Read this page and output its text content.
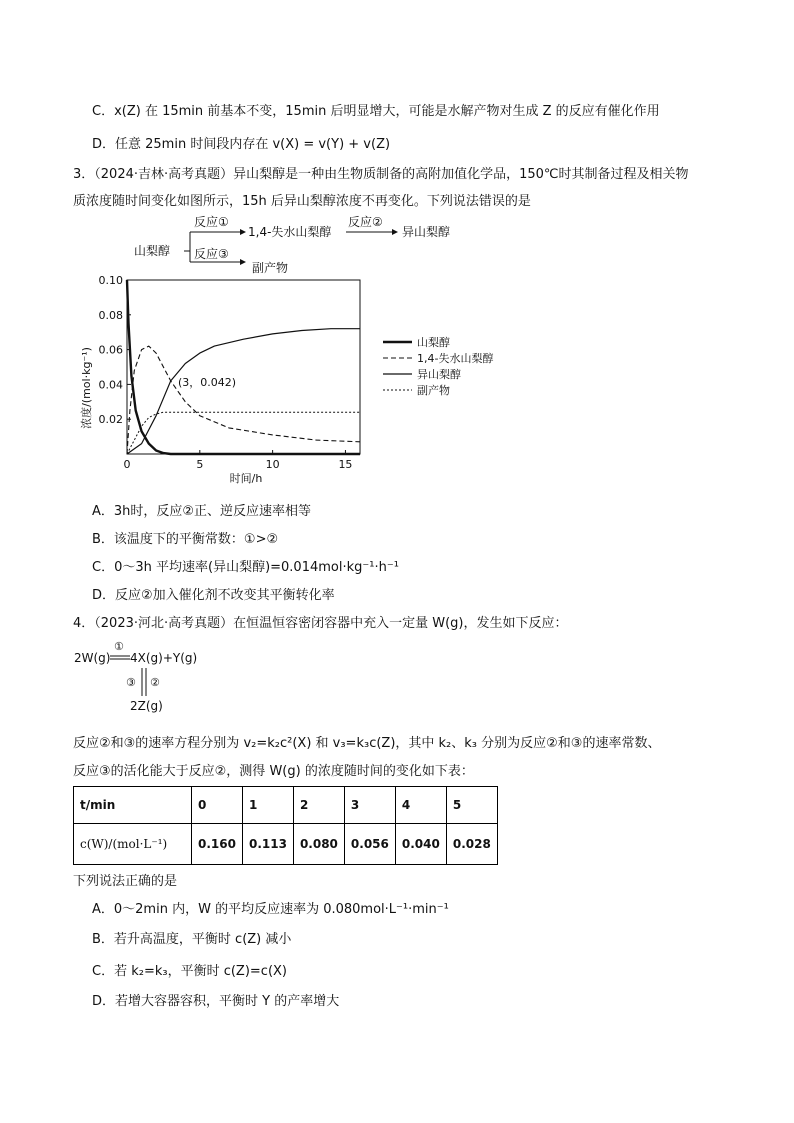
C．x(Z) 在 15min 前基本不变，15min 后明显增大，可能是水解产物对生成 Z 的反应有催化作用
D．任意 25min 时间段内存在 v(X) = v(Y) + v(Z)
3．（2024·吉林·高考真题）异山梨醇是一种由生物质制备的高附加值化学品，150℃时其制备过程及相关物
质浓度随时间变化如图所示，15h 后异山梨醇浓度不再变化。下列说法错误的是
山梨醇
反应①
1,4-失水山梨醇
反应②
异山梨醇
反应③
副产物
0.02
0.04
0.06
0.08
0.10
0	5	10	15
浓度/(mol·kg⁻¹)
时间/h
(3，0.042)
山梨醇
1,4-失水山梨醇
异山梨醇
副产物
A．3h时，反应②正、逆反应速率相等
B．该温度下的平衡常数：①>②
C．0～3h 平均速率(异山梨醇)=0.014mol·kg⁻¹·h⁻¹
D．反应②加入催化剂不改变其平衡转化率
4．（2023·河北·高考真题）在恒温恒容密闭容器中充入一定量 W(g)，发生如下反应：
2W(g)
①
4X(g)+Y(g)
③ ②
2Z(g)
反应②和③的速率方程分别为 v₂=k₂c²(X) 和 v₃=k₃c(Z)，其中 k₂、k₃ 分别为反应②和③的速率常数、
反应③的活化能大于反应②，测得 W(g) 的浓度随时间的变化如下表：
t/min	0	1	2	3	4	5
c(W)/(mol·L⁻¹)	0.160	0.113	0.080	0.056	0.040	0.028
下列说法正确的是
A．0～2min 内，W 的平均反应速率为 0.080mol·L⁻¹·min⁻¹
B．若升高温度，平衡时 c(Z) 减小
C．若 k₂=k₃，平衡时 c(Z)=c(X)
D．若增大容器容积，平衡时 Y 的产率增大
